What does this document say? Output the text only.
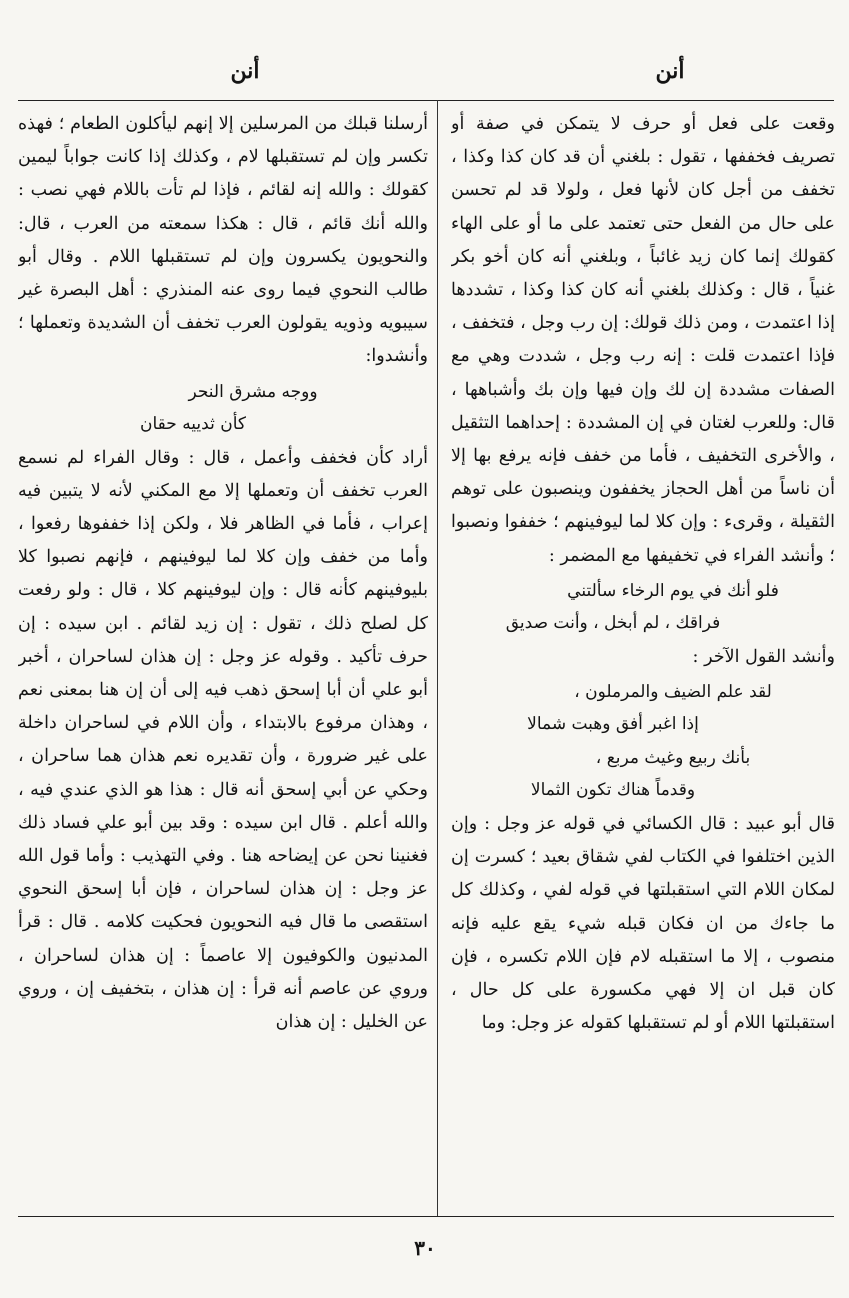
أنن	أنن

وقعت على فعل أو حرف لا يتمكن في صفة أو تصريف فخففها ، تقول : بلغني أن قد كان كذا وكذا ، تخفف من أجل كان لأنها فعل ، ولولا قد لم تحسن على حال من الفعل حتى تعتمد على ما أو على الهاء كقولك إنما كان زيد غائباً ، وبلغني أنه كان أخو بكر غنياً ، قال : وكذلك بلغني أنه كان كذا وكذا ، تشددها إذا اعتمدت ، ومن ذلك قولك: إن رب وجل ، فتخفف ، فإذا اعتمدت قلت : إنه رب وجل ، شددت وهي مع الصفات مشددة إن لك وإن فيها وإن بك وأشباهها ، قال: وللعرب لغتان في إن المشددة : إحداهما التثقيل ، والأخرى التخفيف ، فأما من خفف فإنه يرفع بها إلا أن ناساً من أهل الحجاز يخففون وينصبون على توهم الثقيلة ، وقرىء : وإن كلا لما ليوفينهم ؛ خففوا ونصبوا ؛ وأنشد الفراء في تخفيفها مع المضمر :

فلو أنك في يوم الرخاء سألتني
فراقك ، لم أبخل ، وأنت صديق

وأنشد القول الآخر :

لقد علم الضيف والمرملون ،
إذا اغبر أفق وهبت شمالا
بأنك ربيع وغيث مربع ،
وقدماً هناك تكون الثمالا

قال أبو عبيد : قال الكسائي في قوله عز وجل : وإن الذين اختلفوا في الكتاب لفي شقاق بعيد ؛ كسرت إن لمكان اللام التي استقبلتها في قوله لفي ، وكذلك كل ما جاءك من ان فكان قبله شيء يقع عليه فإنه منصوب ، إلا ما استقبله لام فإن اللام تكسره ، فإن كان قبل ان إلا فهي مكسورة على كل حال ، استقبلتها اللام أو لم تستقبلها كقوله عز وجل: وما

أرسلنا قبلك من المرسلين إلا إنهم ليأكلون الطعام ؛ فهذه تكسر وإن لم تستقبلها لام ، وكذلك إذا كانت جواباً ليمين كقولك : والله إنه لقائم ، فإذا لم تأت باللام فهي نصب : والله أنك قائم ، قال : هكذا سمعته من العرب ، قال: والنحويون يكسرون وإن لم تستقبلها اللام . وقال أبو طالب النحوي فيما روى عنه المنذري : أهل البصرة غير سيبويه وذويه يقولون العرب تخفف أن الشديدة وتعملها ؛ وأنشدوا:

ووجه مشرق النحر
كأن ثدييه حقان

أراد كأن فخفف وأعمل ، قال : وقال الفراء لم نسمع العرب تخفف أن وتعملها إلا مع المكني لأنه لا يتبين فيه إعراب ، فأما في الظاهر فلا ، ولكن إذا خففوها رفعوا ، وأما من خفف وإن كلا لما ليوفينهم ، فإنهم نصبوا كلا بليوفينهم كأنه قال : وإن ليوفينهم كلا ، قال : ولو رفعت كل لصلح ذلك ، تقول : إن زيد لقائم . ابن سيده : إن حرف تأكيد . وقوله عز وجل : إن هذان لساحران ، أخبر أبو علي أن أبا إسحق ذهب فيه إلى أن إن هنا بمعنى نعم ، وهذان مرفوع بالابتداء ، وأن اللام في لساحران داخلة على غير ضرورة ، وأن تقديره نعم هذان هما ساحران ، وحكي عن أبي إسحق أنه قال : هذا هو الذي عندي فيه ، والله أعلم . قال ابن سيده : وقد بين أبو علي فساد ذلك فغنينا نحن عن إيضاحه هنا . وفي التهذيب : وأما قول الله عز وجل : إن هذان لساحران ، فإن أبا إسحق النحوي استقصى ما قال فيه النحويون فحكيت كلامه . قال : قرأ المدنيون والكوفيون إلا عاصماً : إن هذان لساحران ، وروي عن عاصم أنه قرأ : إن هذان ، بتخفيف إن ، وروي عن الخليل : إن هذان

٣٠
